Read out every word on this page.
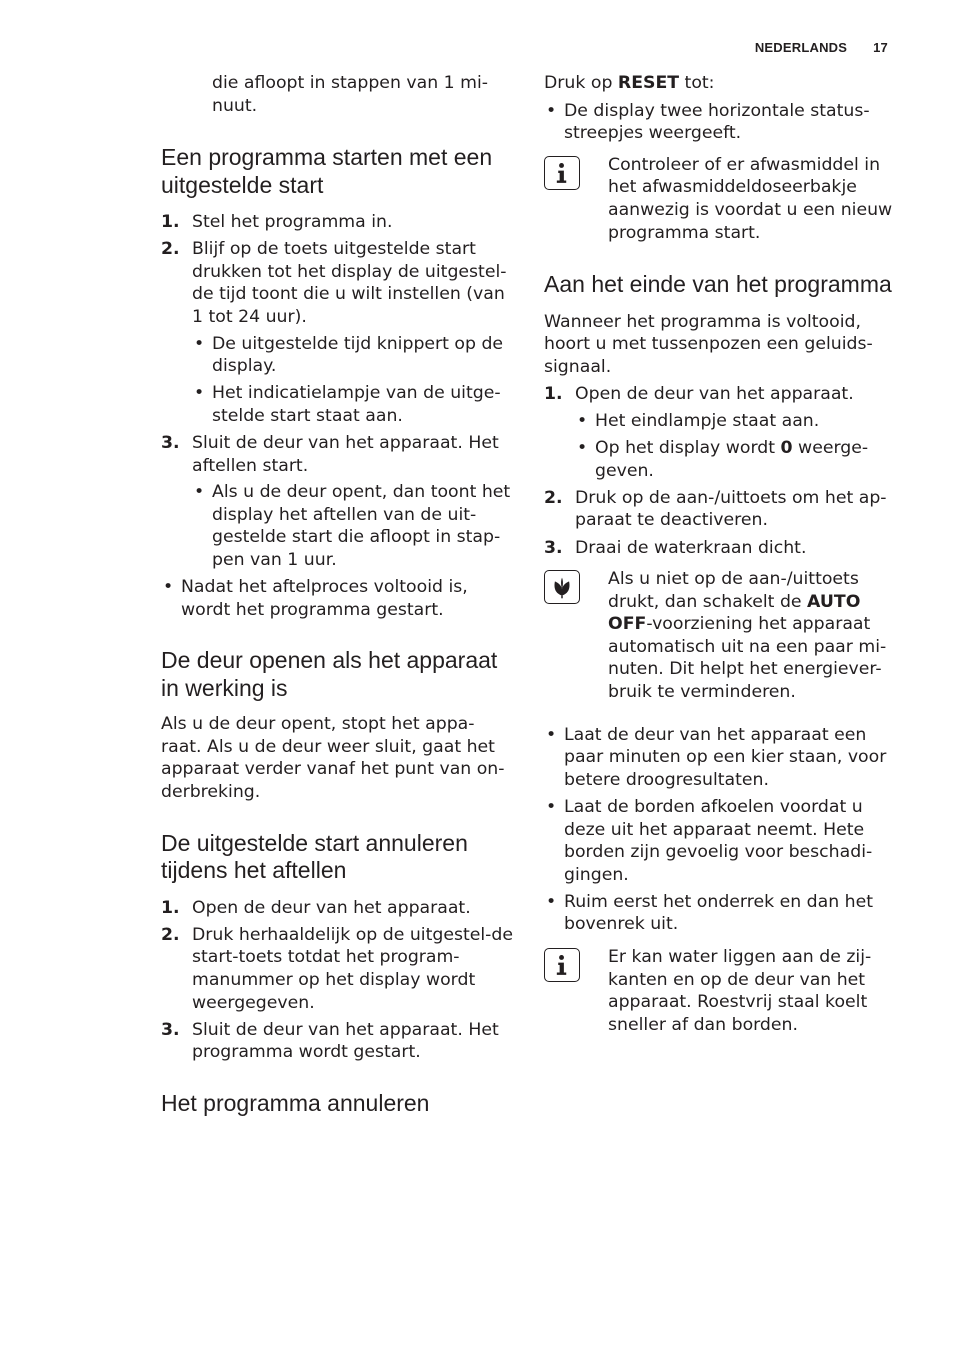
NEDERLANDS 17

die afloopt in stappen van 1 mi-

nuut.

Een programma starten met een uitgestelde start
1. Stel het programma in.
2. Blijf op de toets uitgestelde start drukken tot het display de uitgestel-de tijd toont die u wilt instellen (van 1 tot 24 uur).
• De uitgestelde tijd knippert op de display.
• Het indicatielampje van de uitge-stelde start staat aan.
3. Sluit de deur van het apparaat. Het aftellen start.
• Als u de deur opent, dan toont het display het aftellen van de uit-gestelde start die afloopt in stap-pen van 1 uur.
• Nadat het aftelproces voltooid is, wordt het programma gestart.
De deur openen als het apparaat in werking is

Als u de deur opent, stopt het appa-raat. Als u de deur weer sluit, gaat het apparaat verder vanaf het punt van on-derbreking.

De uitgestelde start annuleren tijdens het aftellen
1. Open de deur van het apparaat.
2. Druk herhaaldelijk op de uitgestel-de start-toets totdat het program-manummer op het display wordt weergegeven.
3. Sluit de deur van het apparaat. Het programma wordt gestart.
Het programma annuleren

Druk op RESET tot:

• De display twee horizontale status-streepjes weergeeft.

Controleer of er afwasmiddel in het afwasmiddeldoseerbakje aanwezig is voordat u een nieuw programma start.

Aan het einde van het programma

Wanneer het programma is voltooid, hoort u met tussenpozen een geluids-signaal.

1. Open de deur van het apparaat.
• Het eindlampje staat aan.
• Op het display wordt 0 weerge-geven.
2. Druk op de aan-/uittoets om het ap-paraat te deactiveren.
3. Draai de waterkraan dicht.

Als u niet op de aan-/uittoets drukt, dan schakelt de AUTO OFF-voorziening het apparaat automatisch uit na een paar mi-nuten. Dit helpt het energiever-bruik te verminderen.

• Laat de deur van het apparaat een paar minuten op een kier staan, voor betere droogresultaten.
• Laat de borden afkoelen voordat u deze uit het apparaat neemt. Hete borden zijn gevoelig voor beschadi-gingen.
• Ruim eerst het onderrek en dan het bovenrek uit.

Er kan water liggen aan de zij-kanten en op de deur van het apparaat. Roestvrij staal koelt sneller af dan borden.
